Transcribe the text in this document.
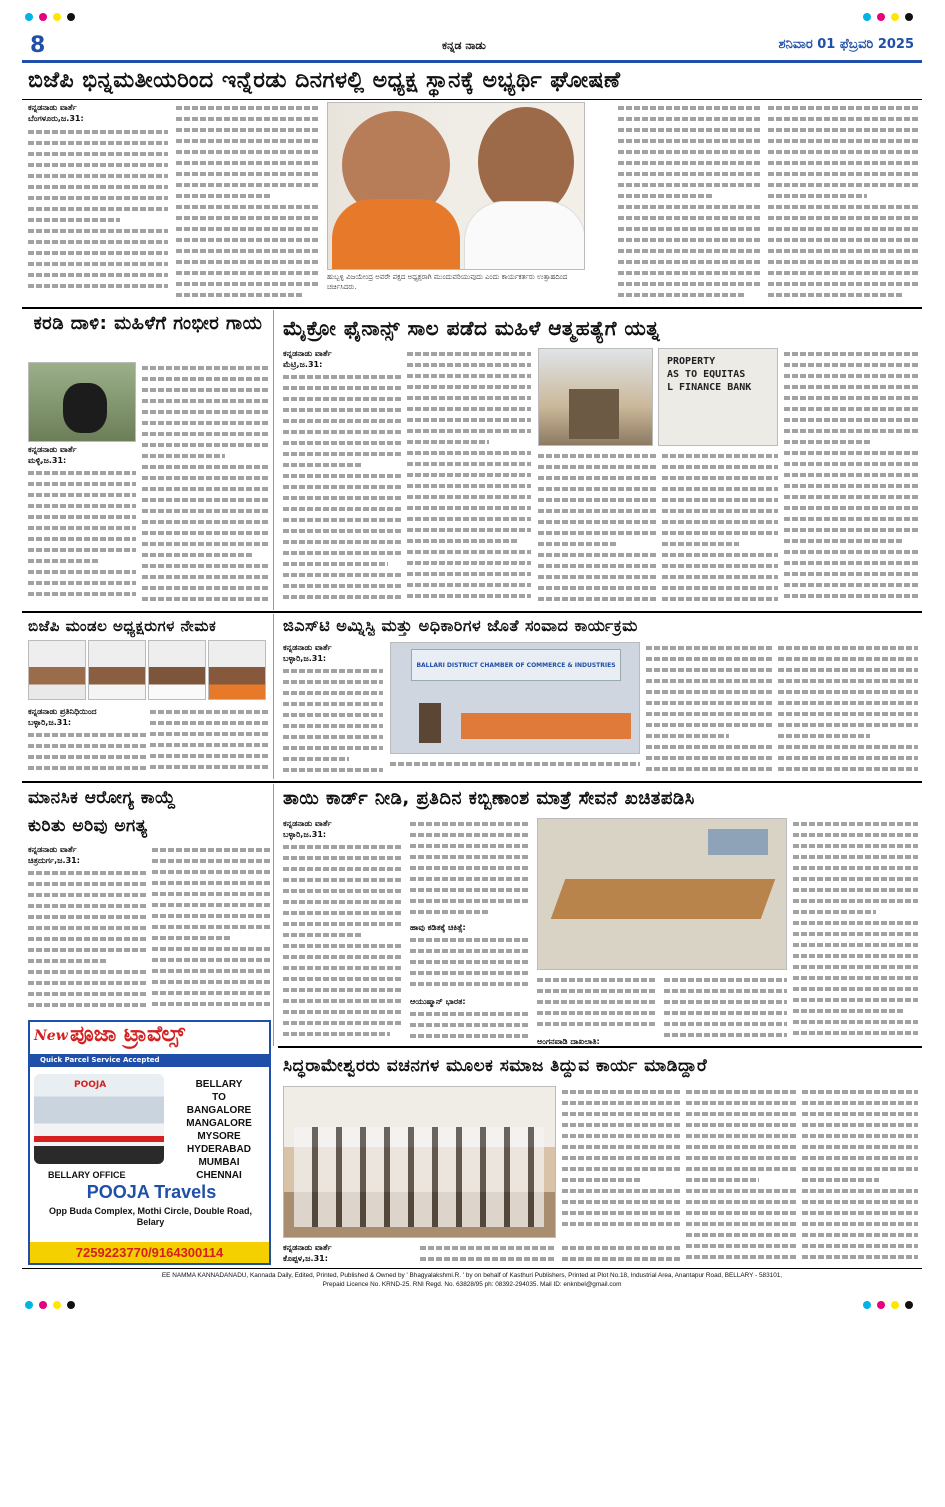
8	ಕನ್ನಡ ನಾಡು	ಶನಿವಾರ 01 ಫೆಬ್ರವರಿ 2025
ಬಿಜೆಪಿ ಭಿನ್ನಮತೀಯರಿಂದ ಇನ್ನೆರಡು ದಿನಗಳಲ್ಲಿ ಅಧ್ಯಕ್ಷ ಸ್ಥಾನಕ್ಕೆ ಅಭ್ಯರ್ಥಿ ಘೋಷಣೆ
ಕನ್ನಡನಾಡು ವಾರ್ತೆ
ಬೆಂಗಳೂರು,ಜ.31:
ಹುಬ್ಬಳ್ಳಿ ವಿಜಯೇಂದ್ರ ಅವರೇ ಪಕ್ಷದ ಅಧ್ಯಕ್ಷರಾಗಿ ಮುಂದುವರಿಯುವುದು ಎಂದು ಕಾರ್ಯಕರ್ತರು ಉತ್ಸಾಹದಿಂದ ಚರ್ಚಿಸಿದರು.
ಕರಡಿ ದಾಳಿ: ಮಹಿಳೆಗೆ ಗಂಭೀರ ಗಾಯ
ಕನ್ನಡನಾಡು ವಾರ್ತೆ
ಮಳ್ಳಿ,ಜ.31:
ಮೈಕ್ರೋ ಫೈನಾನ್ಸ್ ಸಾಲ ಪಡೆದ ಮಹಿಳೆ ಆತ್ಮಹತ್ಯೆಗೆ ಯತ್ನ
ಕನ್ನಡನಾಡು ವಾರ್ತೆ
ಮೆಟ್ರಿ,ಜ.31:	PROPERTY
AS TO EQUITAS
L FINANCE BANK
ಬಿಜೆಪಿ ಮಂಡಲ ಅಧ್ಯಕ್ಷರುಗಳ ನೇಮಕ
ಕನ್ನಡನಾಡು ಪ್ರತಿನಿಧಿಯಿಂದ
ಬಳ್ಳಾರಿ,ಜ.31:
ಜಿಎಸ್‌ಟಿ ಅಮ್ನಿಸ್ಟಿ ಮತ್ತು ಅಧಿಕಾರಿಗಳ ಜೊತೆ ಸಂವಾದ ಕಾರ್ಯಕ್ರಮ
ಕನ್ನಡನಾಡು ವಾರ್ತೆ
ಬಳ್ಳಾರಿ,ಜ.31:
BALLARI DISTRICT CHAMBER OF COMMERCE & INDUSTRIES
ತಾಯಿ ಕಾರ್ಡ್ ನೀಡಿ, ಪ್ರತಿದಿನ ಕಬ್ಬಿಣಾಂಶ ಮಾತ್ರೆ ಸೇವನೆ ಖಚಿತಪಡಿಸಿ
ಕನ್ನಡನಾಡು ವಾರ್ತೆ
ಬಳ್ಳಾರಿ,ಜ.31:
ಹಾವು ಕಡಿತಕ್ಕೆ ಚಿಕಿತ್ಸೆ:
ಆಯುಷ್ಮಾನ್ ಭಾರತ:
ಅಂಗನವಾಡಿ ದಾಖಲಾತಿ:
ಮಾನಸಿಕ ಆರೋಗ್ಯ ಕಾಯ್ದೆ
ಕುರಿತು ಅರಿವು ಅಗತ್ಯ
ಕನ್ನಡನಾಡು ವಾರ್ತೆ
ಚಿತ್ರದುರ್ಗ,ಜ.31:
New ಪೂಜಾ ಟ್ರಾವೆಲ್ಸ್
Quick Parcel Service Accepted
POOJA	BELLARY
TO
BANGALORE
MANGALORE
MYSORE
HYDERABAD
MUMBAI
CHENNAI
BELLARY OFFICE
POOJA Travels
Opp Buda Complex, Mothi Circle, Double Road, Belary
7259223770/9164300114
ಸಿದ್ಧರಾಮೇಶ್ವರರು ವಚನಗಳ ಮೂಲಕ ಸಮಾಜ ತಿದ್ದುವ ಕಾರ್ಯ ಮಾಡಿದ್ದಾರೆ
ಕನ್ನಡನಾಡು ವಾರ್ತೆ
ಕೊಪ್ಪಳ,ಜ.31:
EE NAMMA KANNADANADU, Kannada Daily, Edited, Printed, Published & Owned by ' Bhagyalakshmi.R. ' by on behalf of Kasthuri Publishers, Printed at Plot No.18, Industrial Area, Anantapur Road, BELLARY - 583101,
Prepaid Licence No. KRND-25. RNI Regd. No. 63828/95 ph: 08392-294035. Mail ID: enknbel@gmail.com
